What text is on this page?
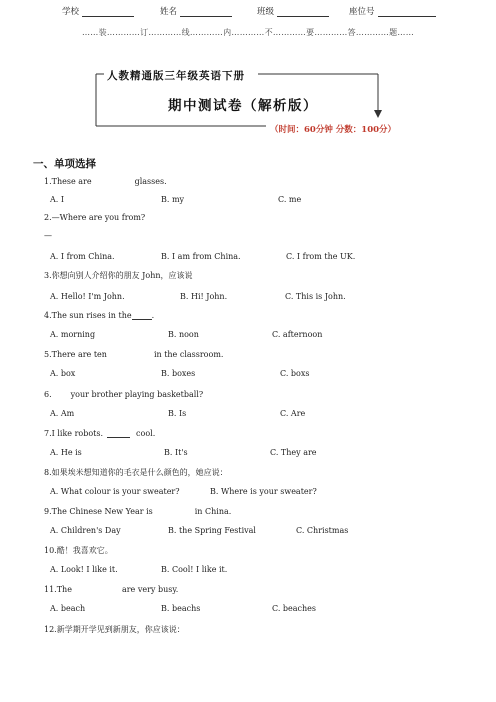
学校	姓名	班级	座位号
……装…………订…………线…………内…………不…………要…………答…………题……
人教精通版三年级英语下册
期中测试卷（解析版）
（时间：60分钟 分数：100分）
一、单项选择
1.These are	glasses.
A. I	B. my	C. me
2.—Where are you from?
—
A. I from China.	B. I am from China.	C. I from the UK.
3.你想向别人介绍你的朋友 John，应该说
A. Hello! I'm John.	B. Hi! John.	C. This is John.
4.The sun rises in the	.
A. morning	B. noon	C. afternoon
5.There are ten	in the classroom.
A. box	B. boxes	C. boxs
6. your brother playing basketball?
A. Am	B. Is	C. Are
7.I like robots.	cool.
A. He is	B. It's	C. They are
8.如果埃米想知道你的毛衣是什么颜色的，她应说：
A. What colour is your sweater?	B. Where is your sweater?
9.The Chinese New Year is	in China.
A. Children's Day	B. the Spring Festival	C. Christmas
10.酷！我喜欢它。
A. Look! I like it.	B. Cool! I like it.
11.The	are very busy.
A. beach	B. beachs	C. beaches
12.新学期开学见到新朋友，你应该说：
